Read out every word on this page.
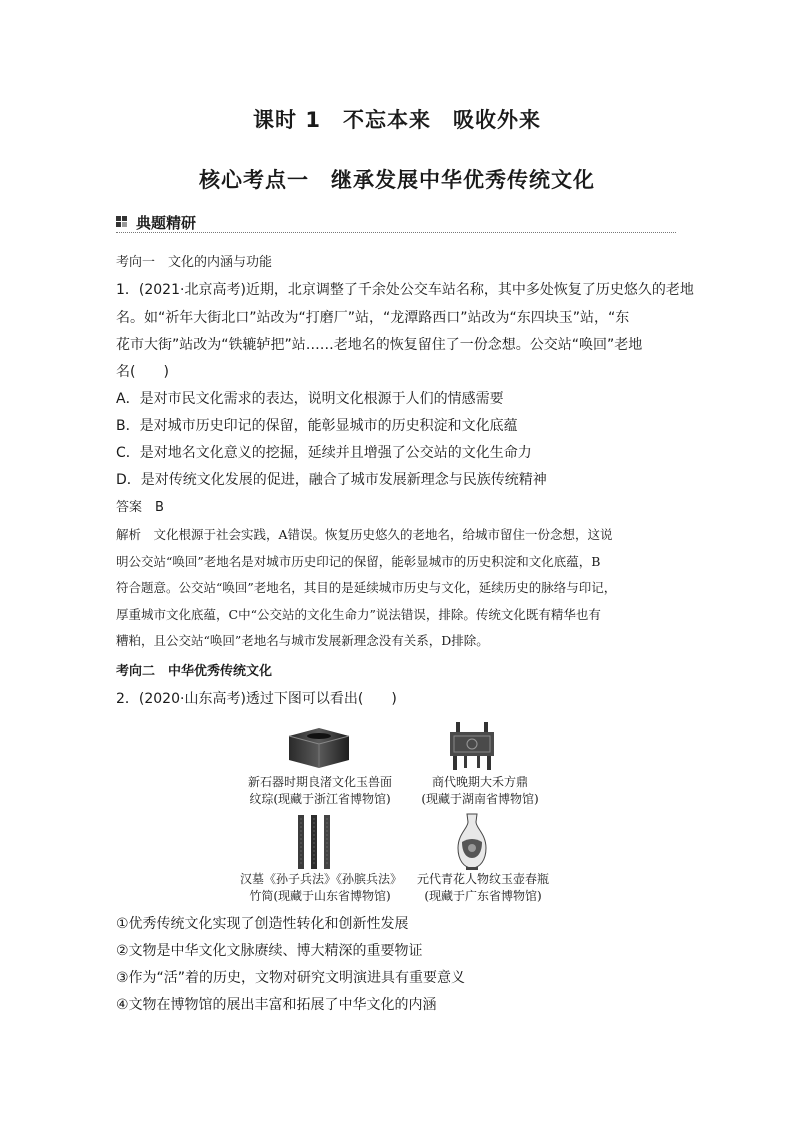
课时 1 不忘本来 吸收外来
核心考点一 继承发展中华优秀传统文化
典题精研
考向一　文化的内涵与功能
1．(2021·北京高考)近期，北京调整了千余处公交车站名称，其中多处恢复了历史悠久的老地
名。如“祈年大街北口”站改为“打磨厂”站，“龙潭路西口”站改为“东四块玉”站，“东
花市大街”站改为“铁辘轳把”站……老地名的恢复留住了一份念想。公交站“唤回”老地
名(　　)
A．是对市民文化需求的表达，说明文化根源于人们的情感需要
B．是对城市历史印记的保留，能彰显城市的历史积淀和文化底蕴
C．是对地名文化意义的挖掘，延续并且增强了公交站的文化生命力
D．是对传统文化发展的促进，融合了城市发展新理念与民族传统精神
答案　B
解析　文化根源于社会实践，A错误。恢复历史悠久的老地名，给城市留住一份念想，这说
明公交站“唤回”老地名是对城市历史印记的保留，能彰显城市的历史积淀和文化底蕴，B
符合题意。公交站“唤回”老地名，其目的是延续城市历史与文化，延续历史的脉络与印记，
厚重城市文化底蕴，C中“公交站的文化生命力”说法错误，排除。传统文化既有精华也有
糟粕，且公交站“唤回”老地名与城市发展新理念没有关系，D排除。
考向二　中华优秀传统文化
2．(2020·山东高考)透过下图可以看出(　　)
新石器时期良渚文化玉兽面
纹琮(现藏于浙江省博物馆)
商代晚期大禾方鼎
(现藏于湖南省博物馆)
汉墓《孙子兵法》《孙膑兵法》
竹简(现藏于山东省博物馆)
元代青花人物纹玉壶春瓶
(现藏于广东省博物馆)
①优秀传统文化实现了创造性转化和创新性发展
②文物是中华文化文脉赓续、博大精深的重要物证
③作为“活”着的历史，文物对研究文明演进具有重要意义
④文物在博物馆的展出丰富和拓展了中华文化的内涵
